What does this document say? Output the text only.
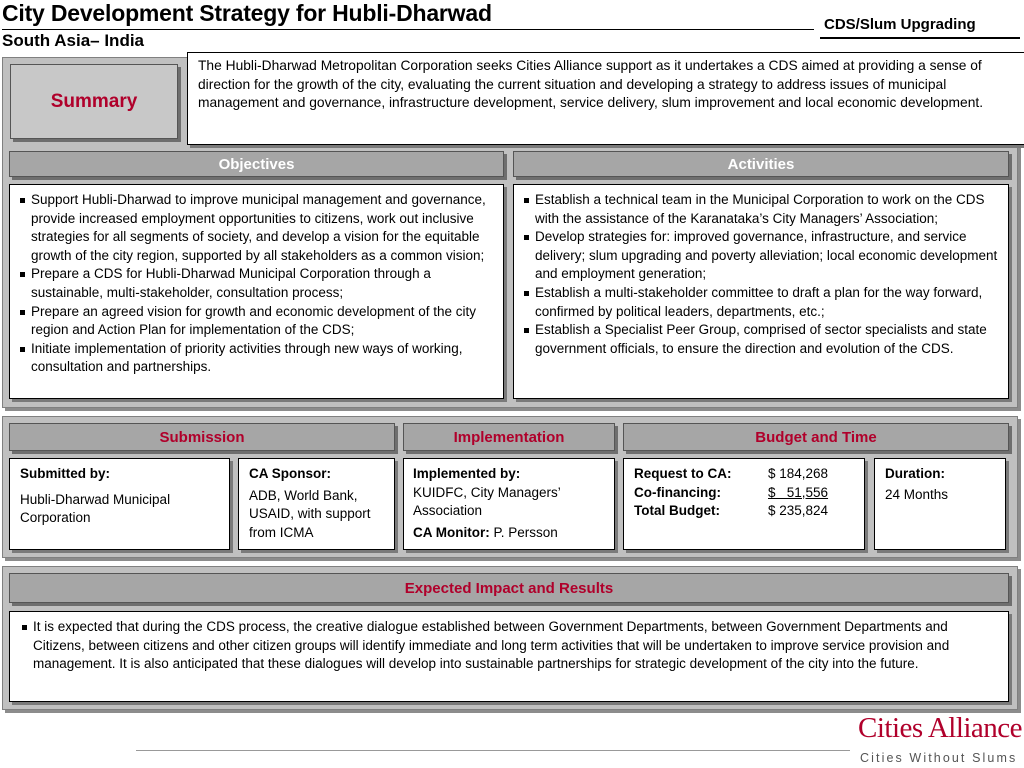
City Development Strategy for Hubli-Dharwad
South Asia– India
CDS/Slum Upgrading
Summary
The Hubli-Dharwad Metropolitan Corporation seeks Cities Alliance support as it undertakes a CDS aimed at providing a sense of direction for the growth of the city, evaluating the current situation and developing a strategy to address issues of municipal management and governance, infrastructure development, service delivery, slum improvement and local economic development.
Objectives	Activities
Support Hubli-Dharwad to improve municipal management and governance, provide increased employment opportunities to citizens, work out inclusive strategies for all segments of society, and develop a vision for the equitable growth of the city region, supported by all stakeholders as a common vision;
Prepare a CDS for Hubli-Dharwad Municipal Corporation through a sustainable, multi-stakeholder, consultation process;
Prepare an agreed vision for growth and economic development of the city region and Action Plan for implementation of the CDS;
Initiate implementation of priority activities through new ways of working, consultation and partnerships.
Establish a technical team in the Municipal Corporation to work on the CDS with the assistance of the Karanataka’s City Managers’ Association;
Develop strategies for: improved governance, infrastructure, and service delivery; slum upgrading and poverty alleviation; local economic development and employment generation;
Establish a multi-stakeholder committee to draft a plan for the way forward, confirmed by political leaders, departments, etc.;
Establish a Specialist Peer Group, comprised of sector specialists and state government officials, to ensure the direction and evolution of the CDS.
Submission	Implementation	Budget and Time
Submitted by:
Hubli-Dharwad Municipal Corporation
CA Sponsor:
ADB, World Bank, USAID, with support from ICMA
Implemented by:
KUIDFC, City Managers’ Association
CA Monitor: P. Persson
Request to CA:	$ 184,268
Co-financing:	$   51,556
Total Budget:	$ 235,824
Duration:
24 Months
Expected Impact and Results
It is expected that during the CDS process, the creative dialogue established between Government Departments, between Government Departments and Citizens, between citizens and other citizen groups will identify immediate and long term activities that will be undertaken to improve service provision and management. It is also anticipated that these dialogues will develop into sustainable partnerships for strategic development of the city into the future.
Cities Alliance
Cities Without Slums
